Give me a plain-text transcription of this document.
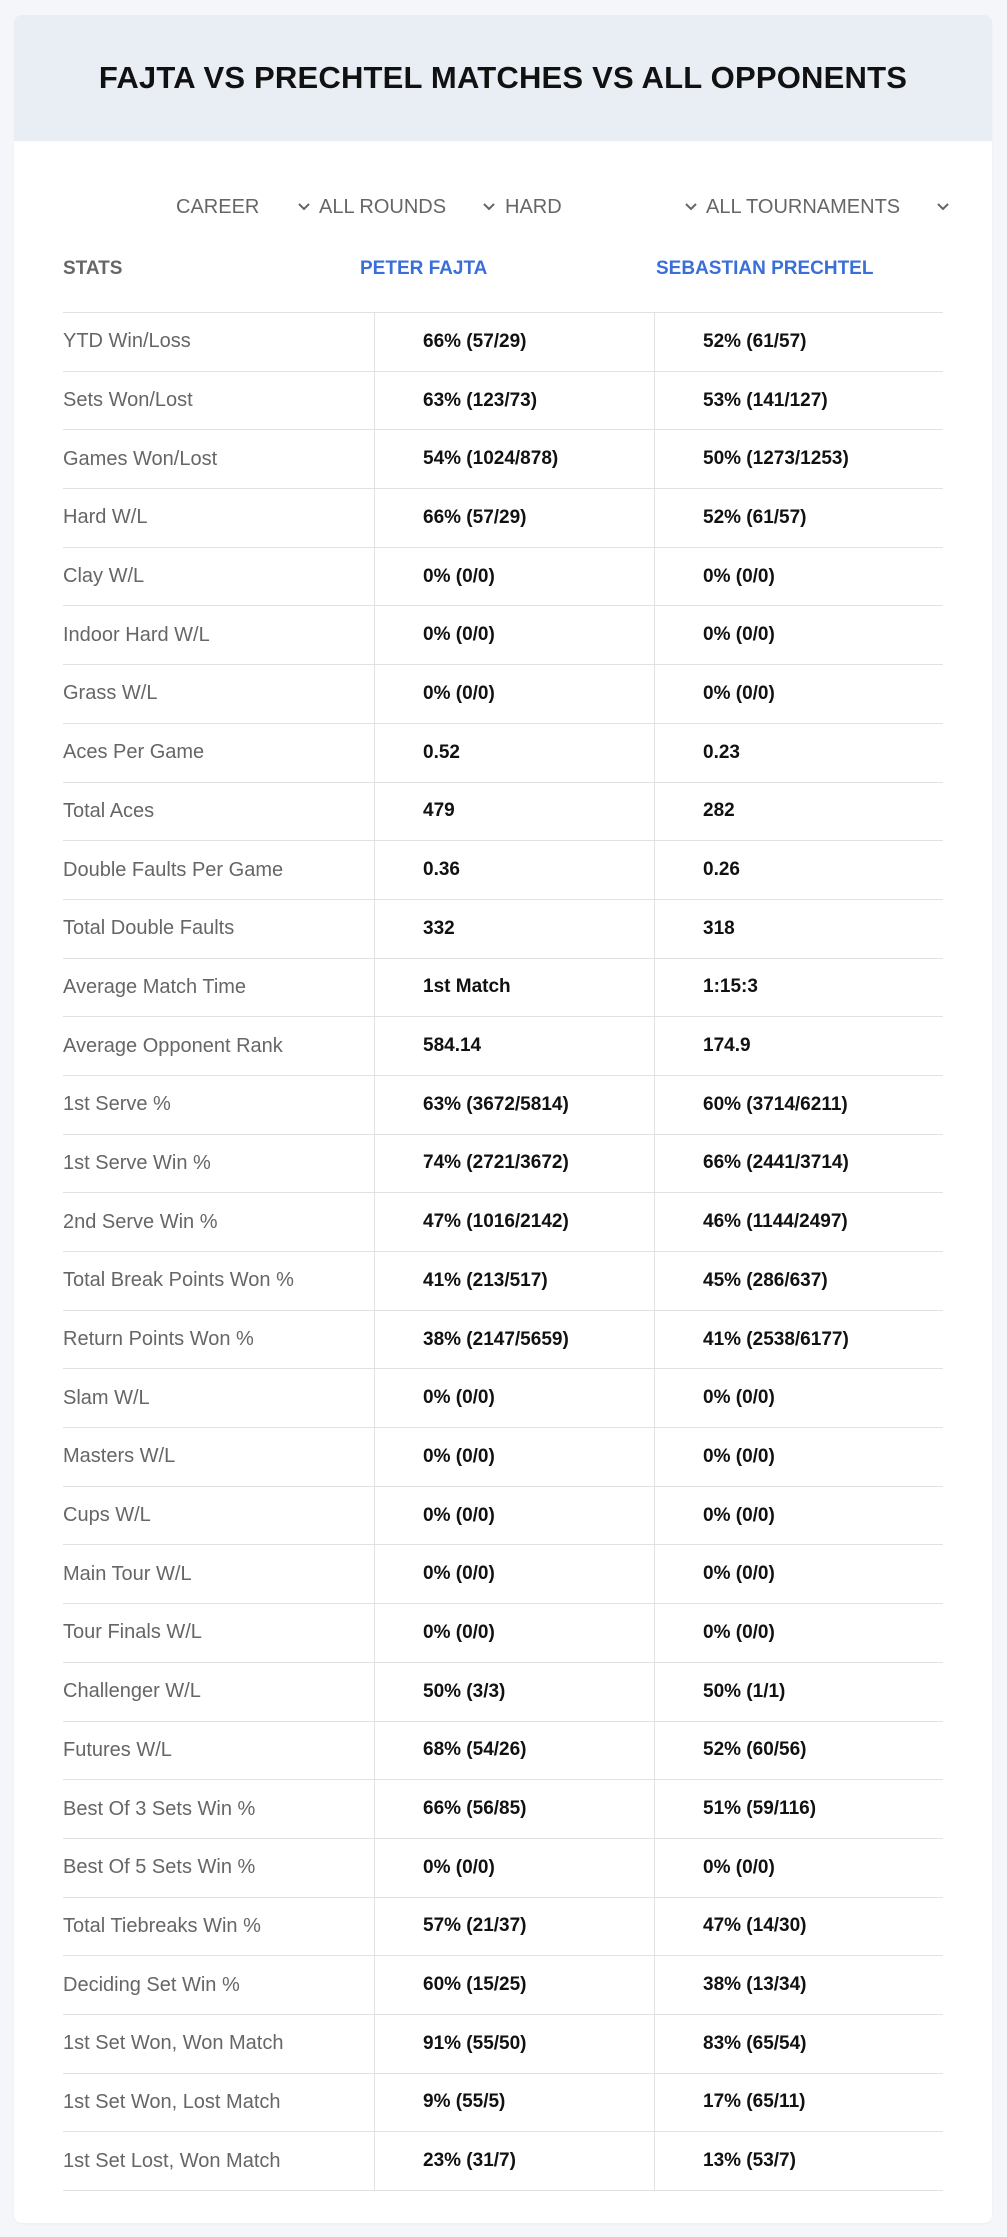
FAJTA VS PRECHTEL MATCHES VS ALL OPPONENTS
CAREER	ALL ROUNDS	HARD	ALL TOURNAMENTS
STATS	PETER FAJTA	SEBASTIAN PRECHTEL
YTD Win/Loss	66% (57/29)	52% (61/57)
Sets Won/Lost	63% (123/73)	53% (141/127)
Games Won/Lost	54% (1024/878)	50% (1273/1253)
Hard W/L	66% (57/29)	52% (61/57)
Clay W/L	0% (0/0)	0% (0/0)
Indoor Hard W/L	0% (0/0)	0% (0/0)
Grass W/L	0% (0/0)	0% (0/0)
Aces Per Game	0.52	0.23
Total Aces	479	282
Double Faults Per Game	0.36	0.26
Total Double Faults	332	318
Average Match Time	1st Match	1:15:3
Average Opponent Rank	584.14	174.9
1st Serve %	63% (3672/5814)	60% (3714/6211)
1st Serve Win %	74% (2721/3672)	66% (2441/3714)
2nd Serve Win %	47% (1016/2142)	46% (1144/2497)
Total Break Points Won %	41% (213/517)	45% (286/637)
Return Points Won %	38% (2147/5659)	41% (2538/6177)
Slam W/L	0% (0/0)	0% (0/0)
Masters W/L	0% (0/0)	0% (0/0)
Cups W/L	0% (0/0)	0% (0/0)
Main Tour W/L	0% (0/0)	0% (0/0)
Tour Finals W/L	0% (0/0)	0% (0/0)
Challenger W/L	50% (3/3)	50% (1/1)
Futures W/L	68% (54/26)	52% (60/56)
Best Of 3 Sets Win %	66% (56/85)	51% (59/116)
Best Of 5 Sets Win %	0% (0/0)	0% (0/0)
Total Tiebreaks Win %	57% (21/37)	47% (14/30)
Deciding Set Win %	60% (15/25)	38% (13/34)
1st Set Won, Won Match	91% (55/50)	83% (65/54)
1st Set Won, Lost Match	9% (55/5)	17% (65/11)
1st Set Lost, Won Match	23% (31/7)	13% (53/7)
